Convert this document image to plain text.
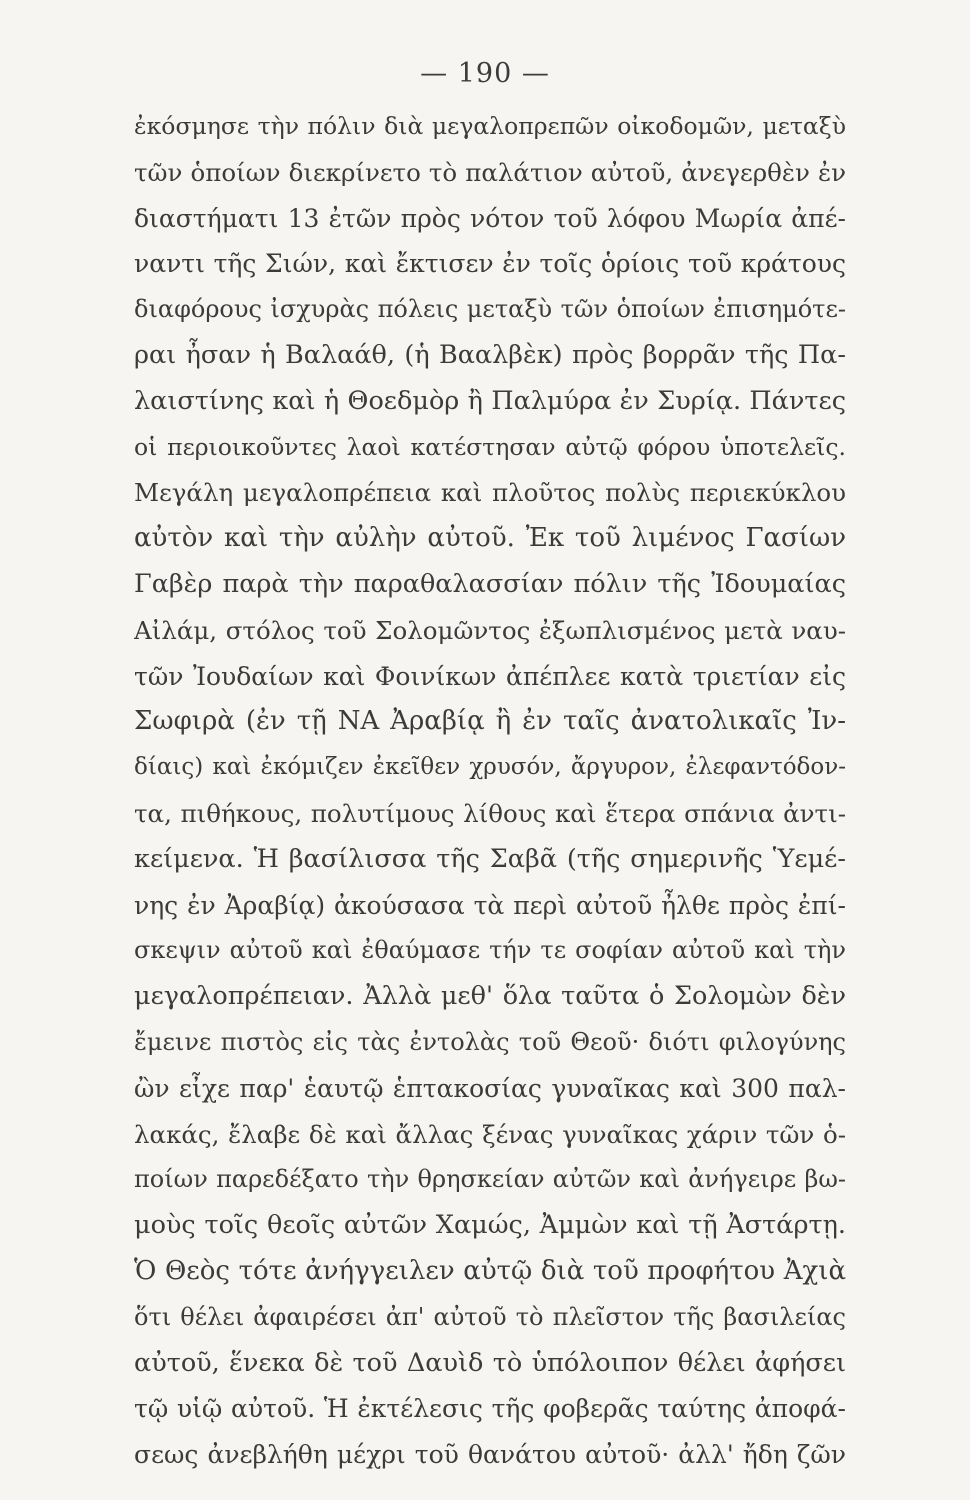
— 190 —
ἐκόσμησε τὴν πόλιν διὰ μεγαλοπρεπῶν οἰκοδομῶν, μεταξὺ
τῶν ὁποίων διεκρίνετο τὸ παλάτιον αὐτοῦ, ἀνεγερθὲν ἐν
διαστήματι 13 ἐτῶν πρὸς νότον τοῦ λόφου Μωρία ἀπέ-
ναντι τῆς Σιών, καὶ ἔκτισεν ἐν τοῖς ὁρίοις τοῦ κράτους
διαφόρους ἰσχυρὰς πόλεις μεταξὺ τῶν ὁποίων ἐπισημότε-
ραι ἦσαν ἡ Βαλαάθ, (ἡ Βααλβὲκ) πρὸς βορρᾶν τῆς Πα-
λαιστίνης καὶ ἡ Θοεδμὸρ ἢ Παλμύρα ἐν Συρίᾳ. Πάντες
οἱ περιοικοῦντες λαοὶ κατέστησαν αὐτῷ φόρου ὑποτελεῖς.
Μεγάλη μεγαλοπρέπεια καὶ πλοῦτος πολὺς περιεκύκλου
αὐτὸν καὶ τὴν αὐλὴν αὐτοῦ. Ἐκ τοῦ λιμένος Γασίων
Γαβὲρ παρὰ τὴν παραθαλασσίαν πόλιν τῆς Ἰδουμαίας
Αἰλάμ, στόλος τοῦ Σολομῶντος ἐξωπλισμένος μετὰ ναυ-
τῶν Ἰουδαίων καὶ Φοινίκων ἀπέπλεε κατὰ τριετίαν εἰς
Σωφιρὰ (ἐν τῇ ΝΑ Ἀραβίᾳ ἢ ἐν ταῖς ἀνατολικαῖς Ἰν-
δίαις) καὶ ἐκόμιζεν ἐκεῖθεν χρυσόν, ἄργυρον, ἐλεφαντόδον-
τα, πιθήκους, πολυτίμους λίθους καὶ ἕτερα σπάνια ἀντι-
κείμενα. Ἡ βασίλισσα τῆς Σαβᾶ (τῆς σημερινῆς Ὑεμέ-
νης ἐν Ἀραβίᾳ) ἀκούσασα τὰ περὶ αὐτοῦ ἦλθε πρὸς ἐπί-
σκεψιν αὐτοῦ καὶ ἐθαύμασε τήν τε σοφίαν αὐτοῦ καὶ τὴν
μεγαλοπρέπειαν. Ἀλλὰ μεθ' ὅλα ταῦτα ὁ Σολομὼν δὲν
ἔμεινε πιστὸς εἰς τὰς ἐντολὰς τοῦ Θεοῦ· διότι φιλογύνης
ὢν εἶχε παρ' ἑαυτῷ ἑπτακοσίας γυναῖκας καὶ 300 παλ-
λακάς, ἔλαβε δὲ καὶ ἄλλας ξένας γυναῖκας χάριν τῶν ὁ-
ποίων παρεδέξατο τὴν θρησκείαν αὐτῶν καὶ ἀνήγειρε βω-
μοὺς τοῖς θεοῖς αὐτῶν Χαμώς, Ἀμμὼν καὶ τῇ Ἀστάρτῃ.
Ὁ Θεὸς τότε ἀνήγγειλεν αὐτῷ διὰ τοῦ προφήτου Ἀχιὰ
ὅτι θέλει ἀφαιρέσει ἀπ' αὐτοῦ τὸ πλεῖστον τῆς βασιλείας
αὐτοῦ, ἕνεκα δὲ τοῦ Δαυὶδ τὸ ὑπόλοιπον θέλει ἀφήσει
τῷ υἱῷ αὐτοῦ. Ἡ ἐκτέλεσις τῆς φοβερᾶς ταύτης ἀποφά-
σεως ἀνεβλήθη μέχρι τοῦ θανάτου αὐτοῦ· ἀλλ' ἤδη ζῶν
